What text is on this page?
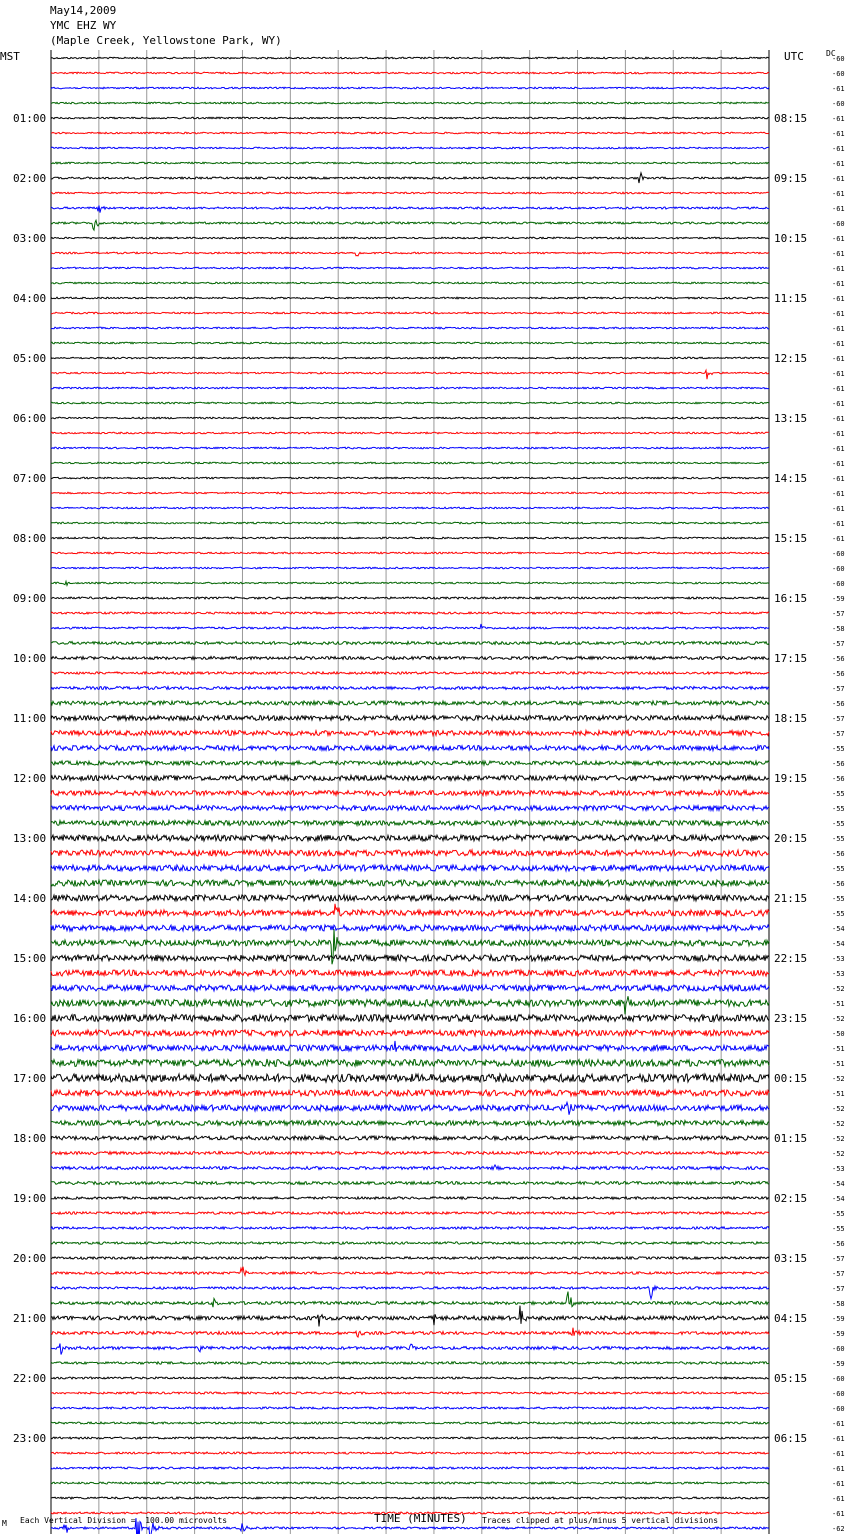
-60
-60
-61
-60
-61
01:00	08:15
-61
-61
-61
-61
02:00	09:15
-61
-61
-60
-61
03:00	10:15
-61
-61
-61
-61
04:00	11:15
-61
-61
-61
-61
05:00	12:15
-61
-61
-61
-61
06:00	13:15
-61
-61
-61
-61
07:00	14:15
-61
-61
-61
-61
08:00	15:15
-60
-60
-60
-59
09:00	16:15
-57
-58
-57
-56
10:00	17:15
-56
-57
-56
-57
11:00	18:15
-57
-55
-56
-56
12:00	19:15
-55
-55
-55
-55
13:00	20:15
-56
-55
-56
-55
14:00	21:15
-55
-54
-54
-53
15:00	22:15
-53
-52
-51
-52
16:00	23:15
-50
-51
-51
-52
17:00	00:15
-51
-52
-52
-52
18:00	01:15
-52
-53
-54
-54
19:00	02:15
-55
-55
-56
-57
20:00	03:15
-57
-57
-58
-59
21:00	04:15
-59
-60
-59
-60
22:00	05:15
-60
-60
-61
-61
23:00	06:15
-61
-61
-61
-61
-61
-62
May14,2009
YMC EHZ WY
(Maple Creek, Yellowstone Park, WY)
MST	UTC	DC
M Each Vertical Division =  100.00 microvolts	TIME (MINUTES) Traces clipped at plus/minus 5 vertical divisions
